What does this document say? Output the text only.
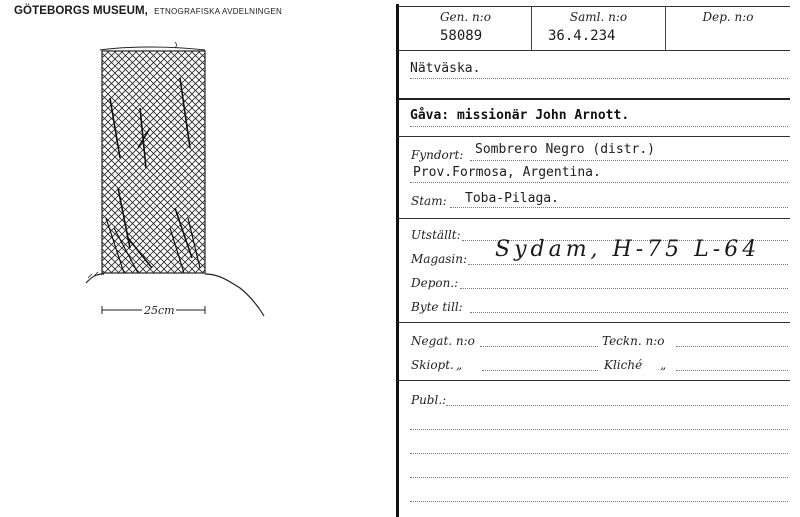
GÖTEBORGS MUSEUM, ETNOGRAFISKA AVDELNINGEN
25cm
Gen. n:o
58089
Saml. n:o
36.4.234
Dep. n:o
Nätväska.
Gåva: missionär John Arnott.
Fyndort: Sombrero Negro (distr.)
Prov.Formosa, Argentina.
Stam: Toba-Pilaga.
Utställt:
Magasin: Sydam, H-75 L-64
Depon.:
Byte till:
Negat. n:o	Teckn. n:o
Skiopt. „	Kliché „
Publ.:
